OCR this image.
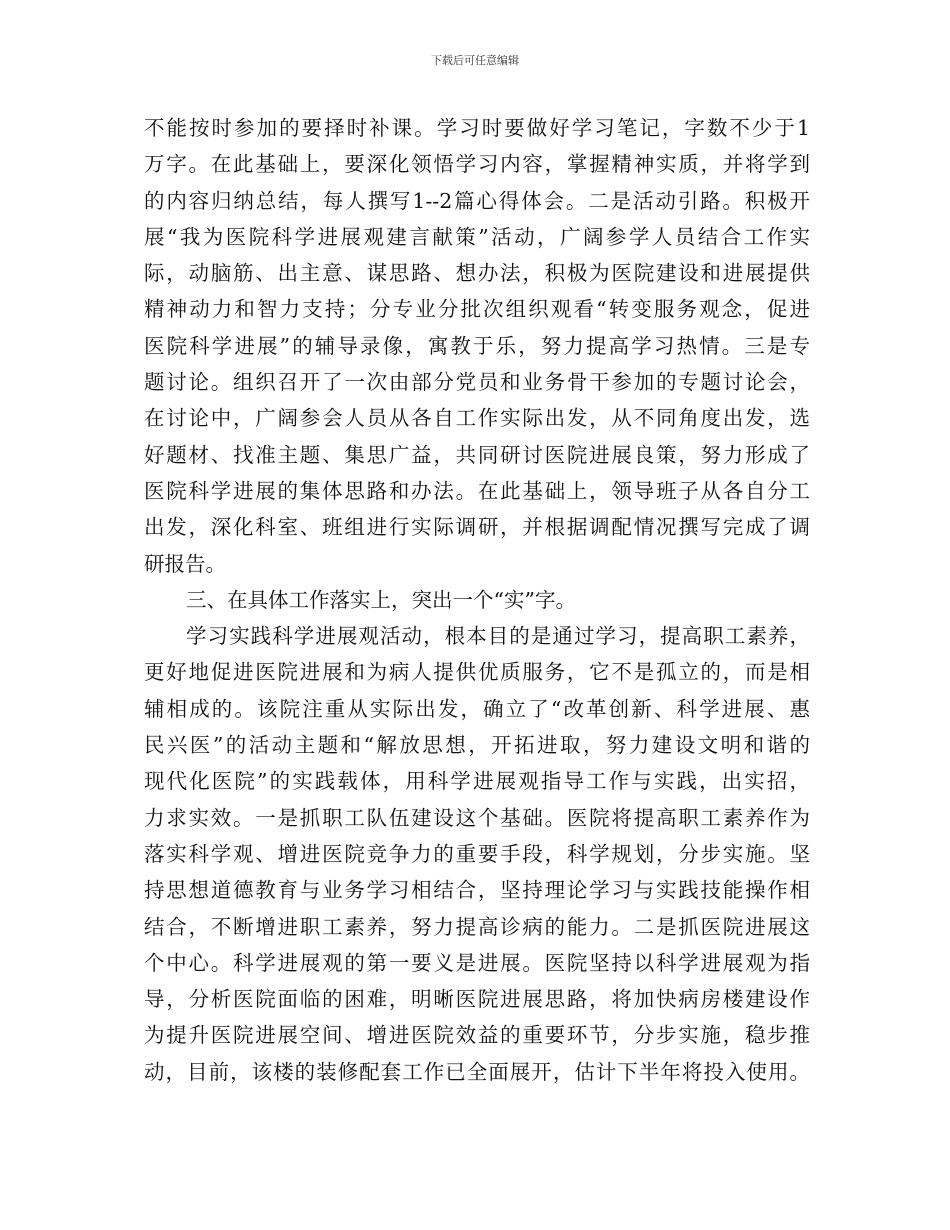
下载后可任意编辑
不能按时参加的要择时补课。学习时要做好学习笔记，字数不少于1
万字。在此基础上，要深化领悟学习内容，掌握精神实质，并将学到
的内容归纳总结，每人撰写1--2篇心得体会。二是活动引路。积极开
展“我为医院科学进展观建言献策”活动，广阔参学人员结合工作实
际，动脑筋、出主意、谋思路、想办法，积极为医院建设和进展提供
精神动力和智力支持；分专业分批次组织观看“转变服务观念，促进
医院科学进展”的辅导录像，寓教于乐，努力提高学习热情。三是专
题讨论。组织召开了一次由部分党员和业务骨干参加的专题讨论会，
在讨论中，广阔参会人员从各自工作实际出发，从不同角度出发，选
好题材、找准主题、集思广益，共同研讨医院进展良策，努力形成了
医院科学进展的集体思路和办法。在此基础上，领导班子从各自分工
出发，深化科室、班组进行实际调研，并根据调配情况撰写完成了调
研报告。
三、在具体工作落实上，突出一个“实”字。
学习实践科学进展观活动，根本目的是通过学习，提高职工素养，
更好地促进医院进展和为病人提供优质服务，它不是孤立的，而是相
辅相成的。该院注重从实际出发，确立了“改革创新、科学进展、惠
民兴医”的活动主题和“解放思想，开拓进取，努力建设文明和谐的
现代化医院”的实践载体，用科学进展观指导工作与实践，出实招，
力求实效。一是抓职工队伍建设这个基础。医院将提高职工素养作为
落实科学观、增进医院竞争力的重要手段，科学规划，分步实施。坚
持思想道德教育与业务学习相结合，坚持理论学习与实践技能操作相
结合，不断增进职工素养，努力提高诊病的能力。二是抓医院进展这
个中心。科学进展观的第一要义是进展。医院坚持以科学进展观为指
导，分析医院面临的困难，明晰医院进展思路，将加快病房楼建设作
为提升医院进展空间、增进医院效益的重要环节，分步实施，稳步推
动，目前，该楼的装修配套工作已全面展开，估计下半年将投入使用。
